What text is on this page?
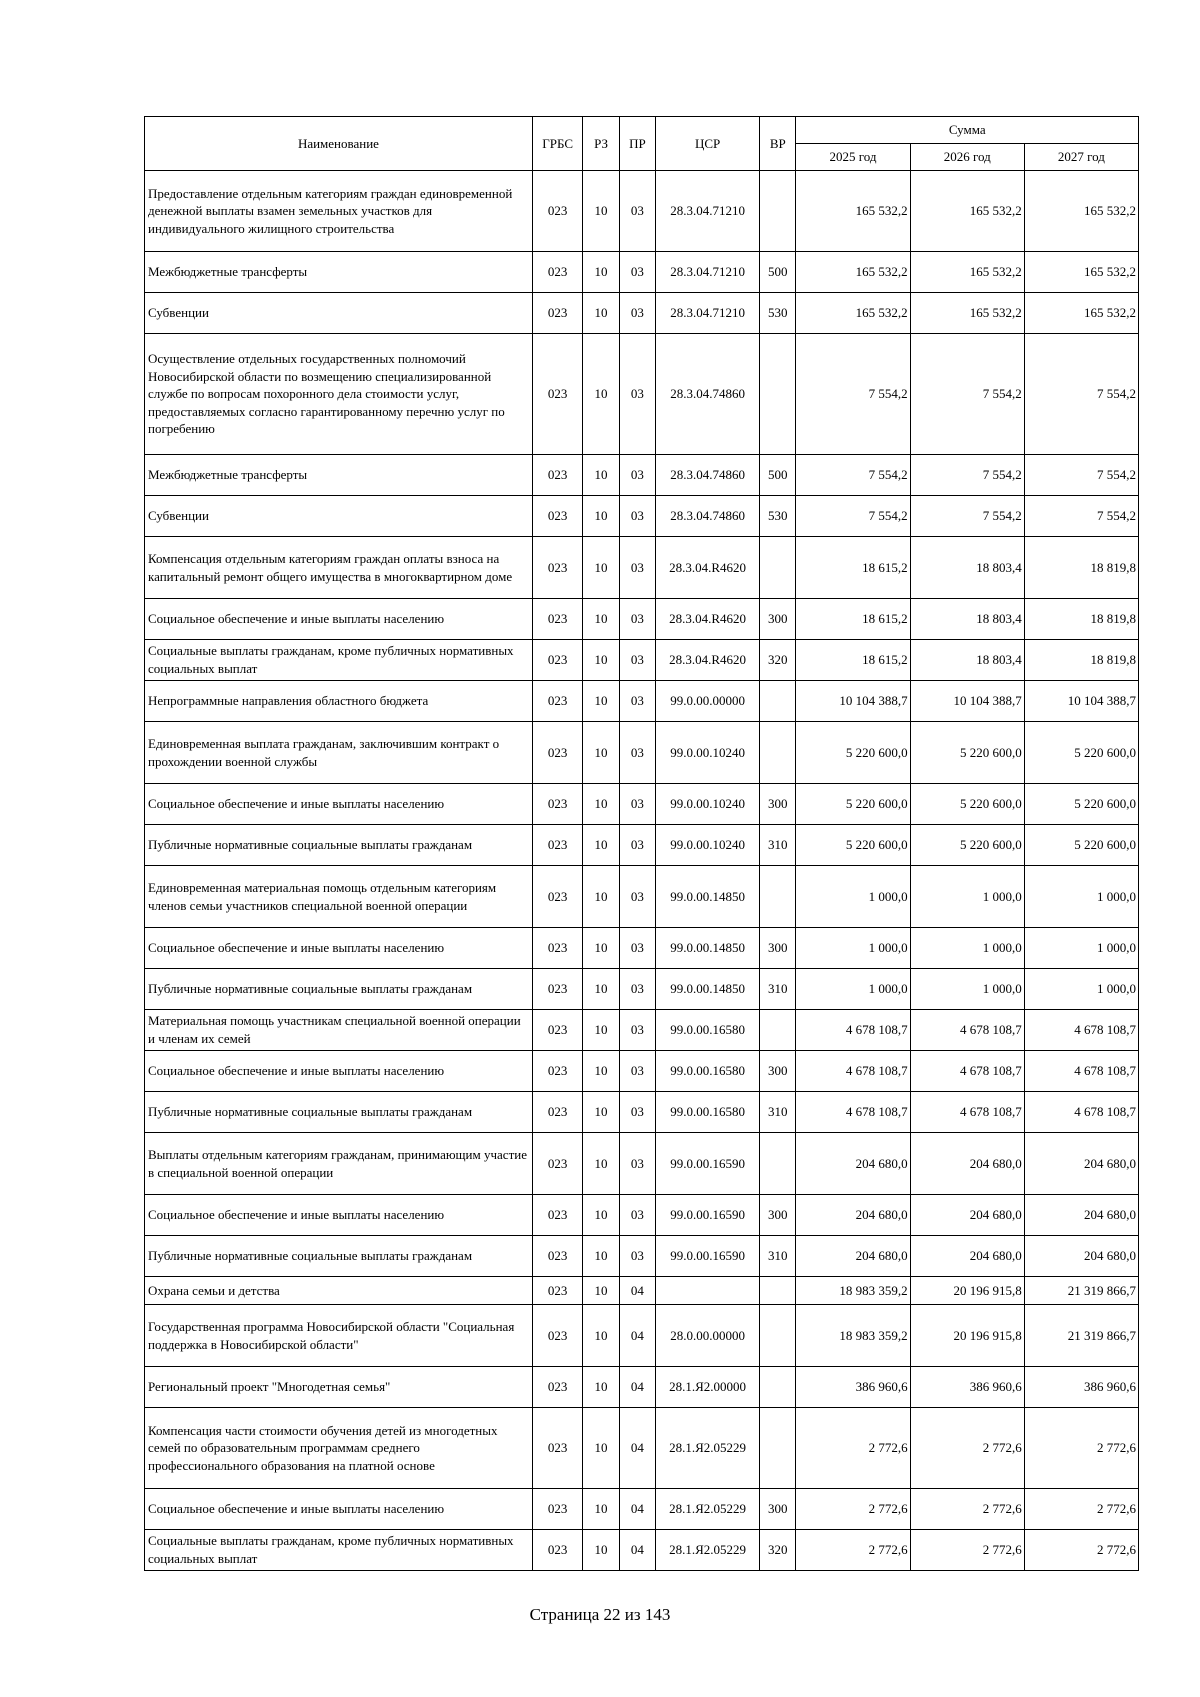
Наименование	ГРБС	РЗ	ПР	ЦСР	ВР	Сумма		
						2025 год	2026 год	2027 год
Предоставление отдельным категориям граждан единовременной денежной выплаты взамен земельных участков для индивидуального жилищного строительства	023	10	03	28.3.04.71210		165 532,2	165 532,2	165 532,2
Межбюджетные трансферты	023	10	03	28.3.04.71210	500	165 532,2	165 532,2	165 532,2
Субвенции	023	10	03	28.3.04.71210	530	165 532,2	165 532,2	165 532,2
Осуществление отдельных государственных полномочий Новосибирской области по возмещению специализированной службе по вопросам похоронного дела стоимости услуг, предоставляемых согласно гарантированному перечню услуг по погребению	023	10	03	28.3.04.74860		7 554,2	7 554,2	7 554,2
Межбюджетные трансферты	023	10	03	28.3.04.74860	500	7 554,2	7 554,2	7 554,2
Субвенции	023	10	03	28.3.04.74860	530	7 554,2	7 554,2	7 554,2
Компенсация отдельным категориям граждан оплаты взноса на капитальный ремонт общего имущества в многоквартирном доме	023	10	03	28.3.04.R4620		18 615,2	18 803,4	18 819,8
Социальное обеспечение и иные выплаты населению	023	10	03	28.3.04.R4620	300	18 615,2	18 803,4	18 819,8
Социальные выплаты гражданам, кроме публичных нормативных социальных выплат	023	10	03	28.3.04.R4620	320	18 615,2	18 803,4	18 819,8
Непрограммные направления областного бюджета	023	10	03	99.0.00.00000		10 104 388,7	10 104 388,7	10 104 388,7
Единовременная выплата гражданам, заключившим контракт о прохождении военной службы	023	10	03	99.0.00.10240		5 220 600,0	5 220 600,0	5 220 600,0
Социальное обеспечение и иные выплаты населению	023	10	03	99.0.00.10240	300	5 220 600,0	5 220 600,0	5 220 600,0
Публичные нормативные социальные выплаты гражданам	023	10	03	99.0.00.10240	310	5 220 600,0	5 220 600,0	5 220 600,0
Единовременная материальная помощь отдельным категориям членов семьи участников специальной военной операции	023	10	03	99.0.00.14850		1 000,0	1 000,0	1 000,0
Социальное обеспечение и иные выплаты населению	023	10	03	99.0.00.14850	300	1 000,0	1 000,0	1 000,0
Публичные нормативные социальные выплаты гражданам	023	10	03	99.0.00.14850	310	1 000,0	1 000,0	1 000,0
Материальная помощь участникам специальной военной операции и членам их семей	023	10	03	99.0.00.16580		4 678 108,7	4 678 108,7	4 678 108,7
Социальное обеспечение и иные выплаты населению	023	10	03	99.0.00.16580	300	4 678 108,7	4 678 108,7	4 678 108,7
Публичные нормативные социальные выплаты гражданам	023	10	03	99.0.00.16580	310	4 678 108,7	4 678 108,7	4 678 108,7
Выплаты отдельным категориям гражданам, принимающим участие в специальной военной операции	023	10	03	99.0.00.16590		204 680,0	204 680,0	204 680,0
Социальное обеспечение и иные выплаты населению	023	10	03	99.0.00.16590	300	204 680,0	204 680,0	204 680,0
Публичные нормативные социальные выплаты гражданам	023	10	03	99.0.00.16590	310	204 680,0	204 680,0	204 680,0
Охрана семьи и детства	023	10	04			18 983 359,2	20 196 915,8	21 319 866,7
Государственная программа Новосибирской области "Социальная поддержка в Новосибирской области"	023	10	04	28.0.00.00000		18 983 359,2	20 196 915,8	21 319 866,7
Региональный проект "Многодетная семья"	023	10	04	28.1.Я2.00000		386 960,6	386 960,6	386 960,6
Компенсация части стоимости обучения детей из многодетных семей по образовательным программам среднего профессионального образования на платной основе	023	10	04	28.1.Я2.05229		2 772,6	2 772,6	2 772,6
Социальное обеспечение и иные выплаты населению	023	10	04	28.1.Я2.05229	300	2 772,6	2 772,6	2 772,6
Социальные выплаты гражданам, кроме публичных нормативных социальных выплат	023	10	04	28.1.Я2.05229	320	2 772,6	2 772,6	2 772,6
Страница 22 из 143
